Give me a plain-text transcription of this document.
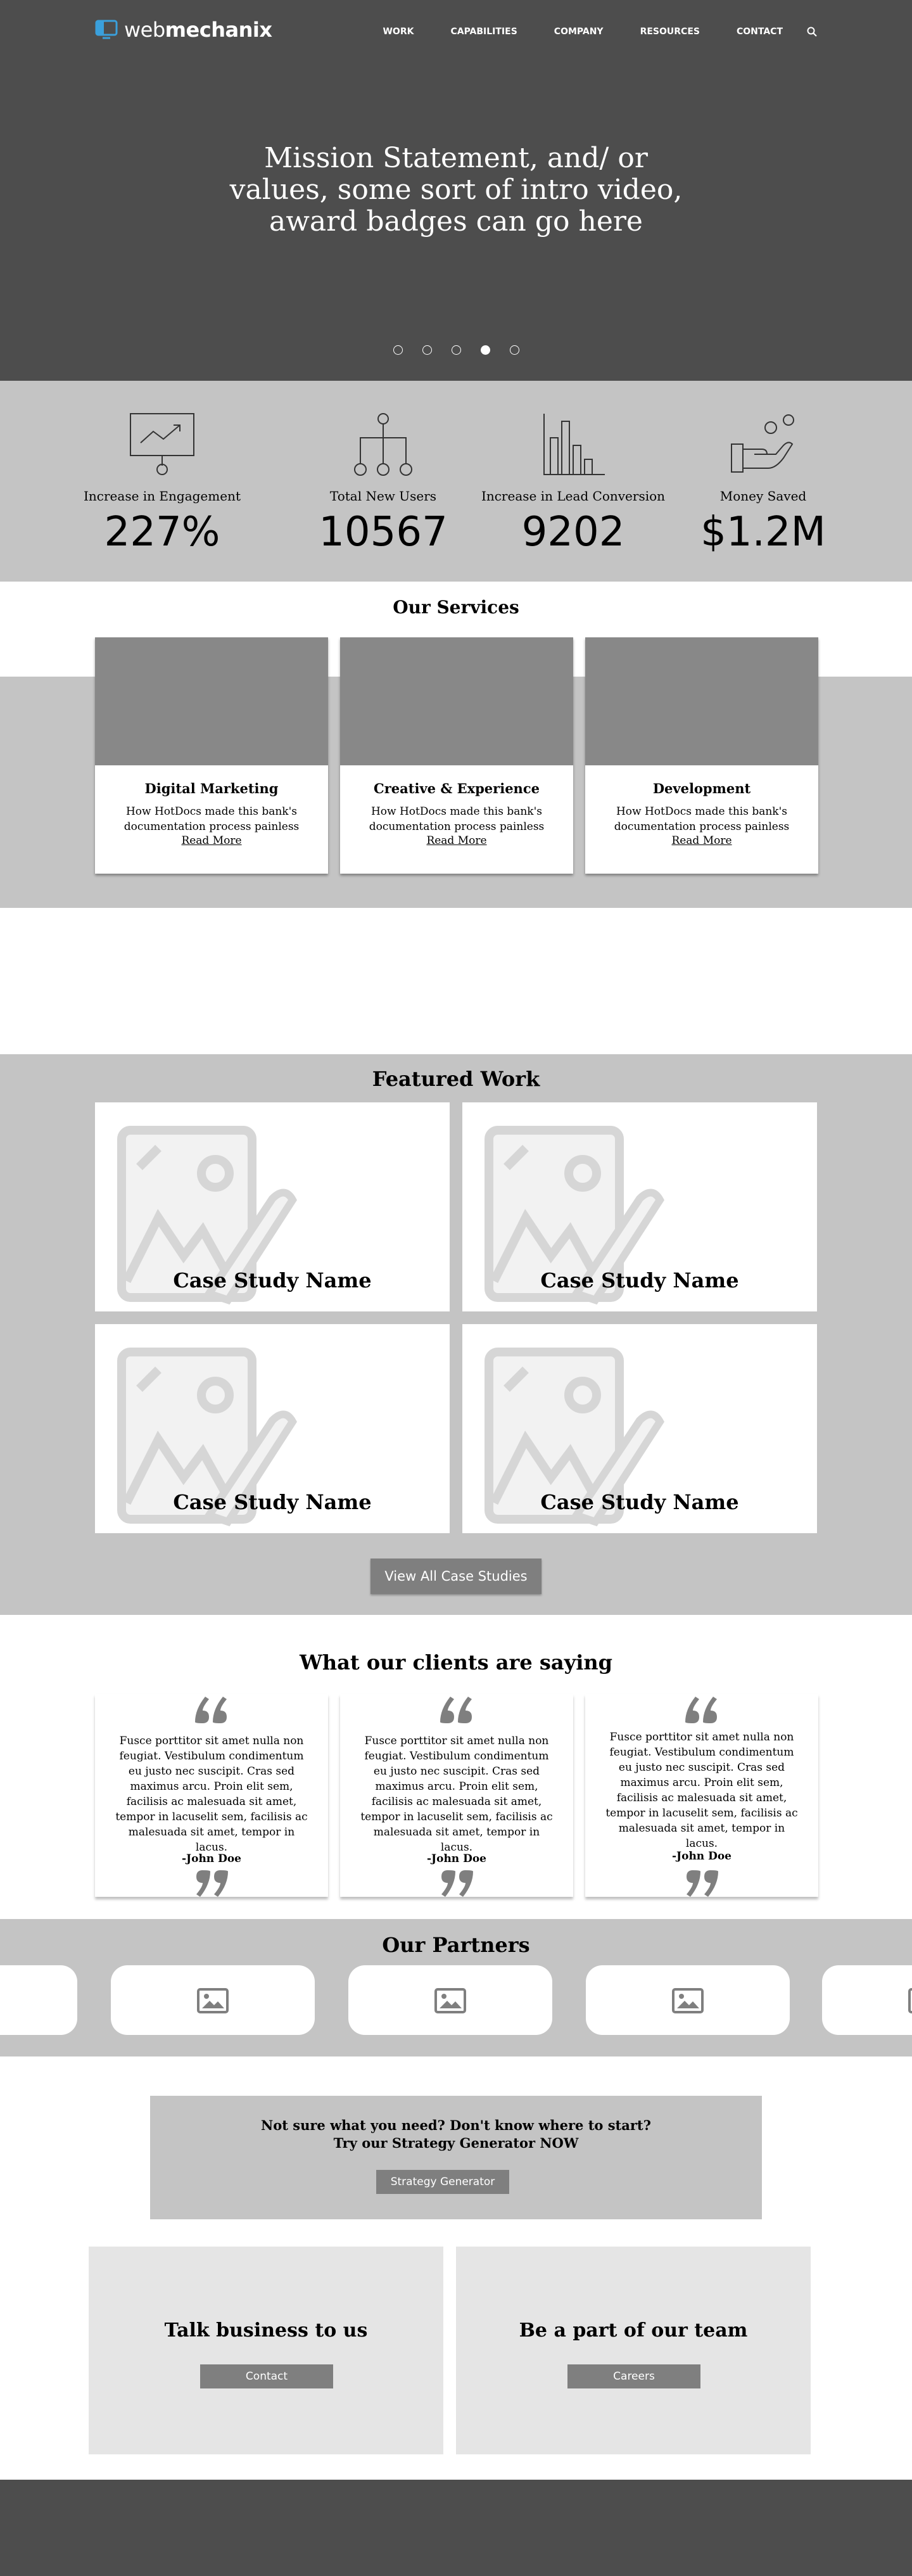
webmechanix	WORK	CAPABILITIES	COMPANY	RESOURCES	CONTACT
Mission Statement, and/ or
values, some sort of intro video,
award badges can go here
Increase in Engagement
227%
Total New Users
10567
Increase in Lead Conversion
9202
Money Saved
$1.2M
Our Services
Digital Marketing
How HotDocs made this bank's documentation process painless
Read More
Creative & Experience
How HotDocs made this bank's documentation process painless
Read More
Development
How HotDocs made this bank's documentation process painless
Read More
Featured Work
Case Study Name	Case Study Name
Case Study Name	Case Study Name
View All Case Studies
What our clients are saying
Fusce porttitor sit amet nulla non feugiat. Vestibulum condimentum eu justo nec suscipit. Cras sed maximus arcu. Proin elit sem, facilisis ac malesuada sit amet, tempor in lacuselit sem, facilisis ac malesuada sit amet, tempor in lacus.
-John Doe
Fusce porttitor sit amet nulla non feugiat. Vestibulum condimentum eu justo nec suscipit. Cras sed maximus arcu. Proin elit sem, facilisis ac malesuada sit amet, tempor in lacuselit sem, facilisis ac malesuada sit amet, tempor in lacus.
-John Doe
Fusce porttitor sit amet nulla non feugiat. Vestibulum condimentum eu justo nec suscipit. Cras sed maximus arcu. Proin elit sem, facilisis ac malesuada sit amet, tempor in lacuselit sem, facilisis ac malesuada sit amet, tempor in lacus.
-John Doe
Our Partners
Not sure what you need? Don't know where to start?
Try our Strategy Generator NOW
Strategy Generator
Talk business to us
Contact
Be a part of our team
Careers
